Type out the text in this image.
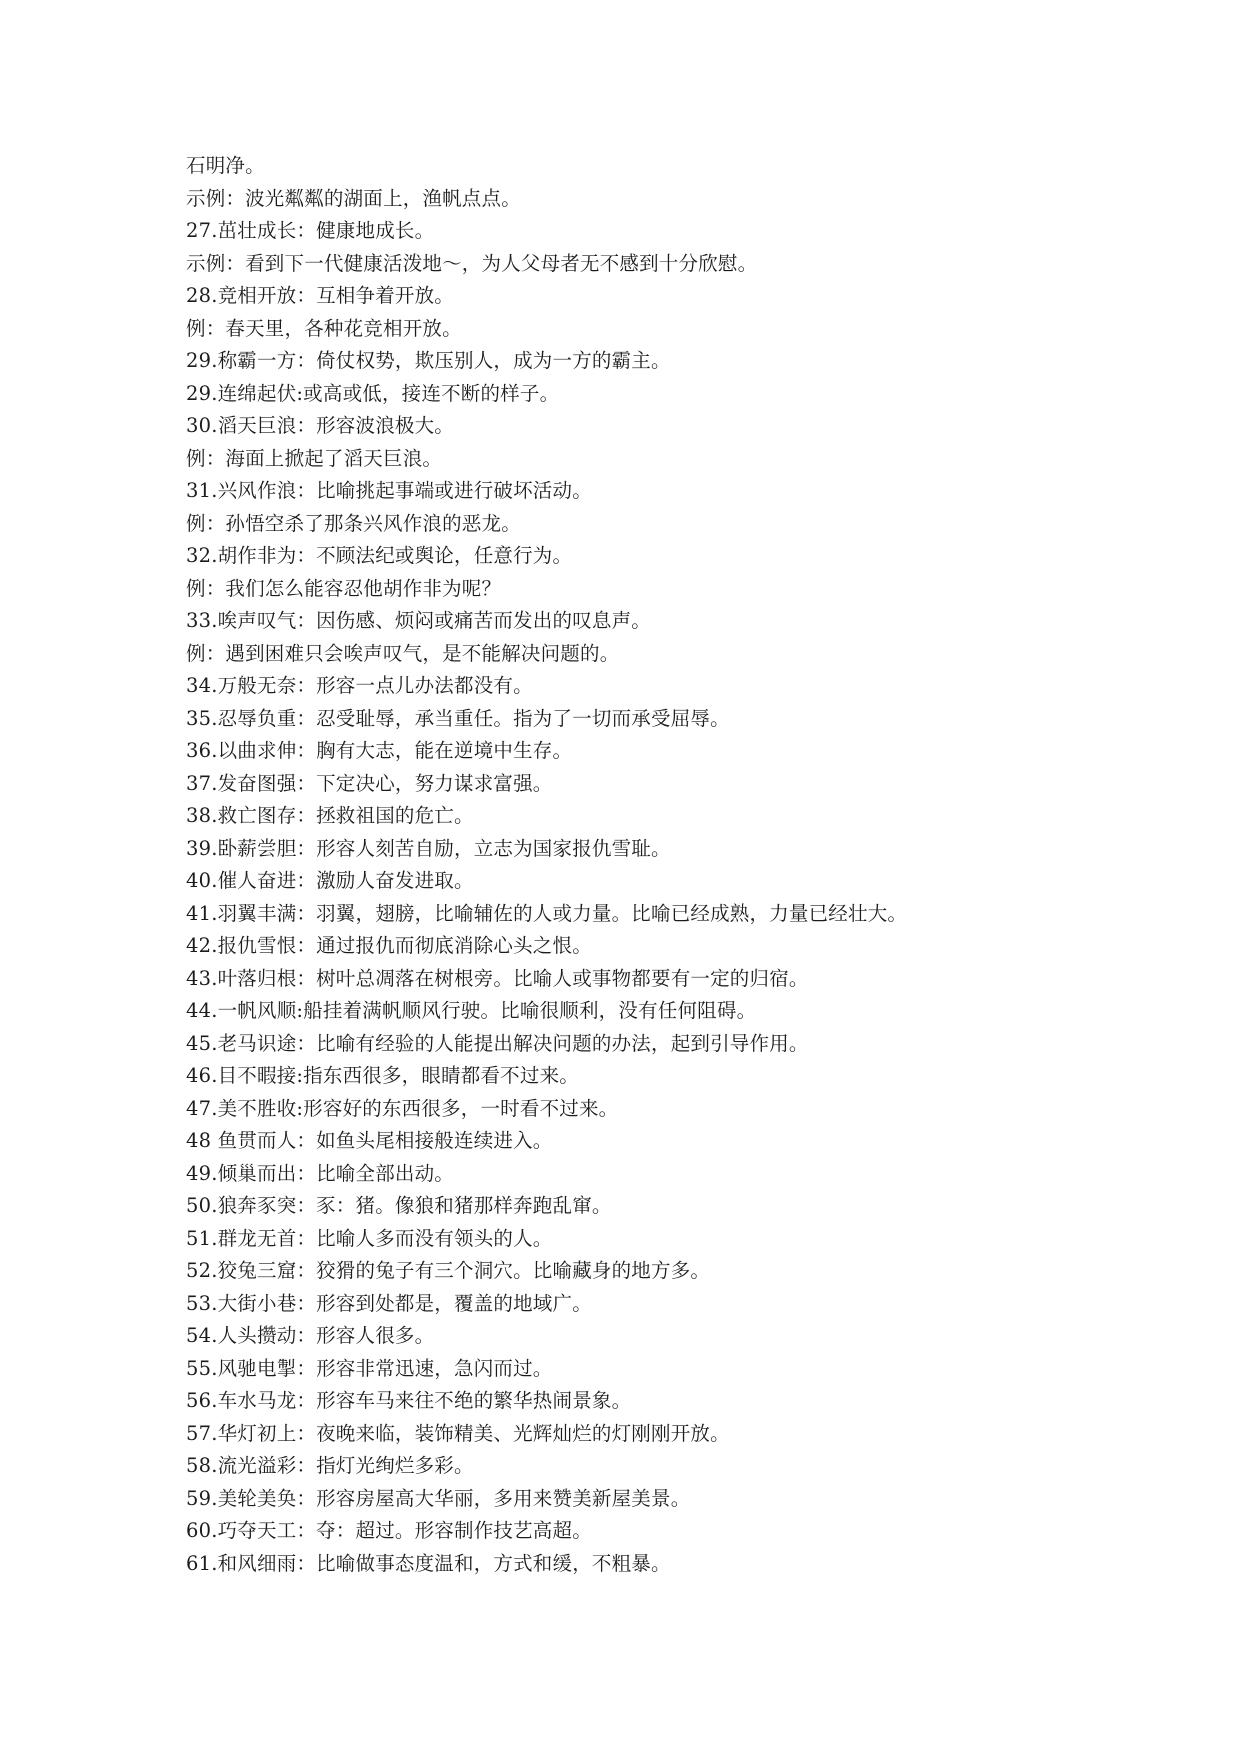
石明净。
示例：波光粼粼的湖面上，渔帆点点。
27.茁壮成长：健康地成长。
示例：看到下一代健康活泼地～，为人父母者无不感到十分欣慰。
28.竞相开放：互相争着开放。
例：春天里，各种花竞相开放。
29.称霸一方：倚仗权势，欺压别人，成为一方的霸主。
29.连绵起伏:或高或低，接连不断的样子。
30.滔天巨浪：形容波浪极大。
例：海面上掀起了滔天巨浪。
31.兴风作浪：比喻挑起事端或进行破坏活动。
例：孙悟空杀了那条兴风作浪的恶龙。
32.胡作非为：不顾法纪或舆论，任意行为。
例：我们怎么能容忍他胡作非为呢？
33.唉声叹气：因伤感、烦闷或痛苦而发出的叹息声。
例：遇到困难只会唉声叹气，是不能解决问题的。
34.万般无奈：形容一点儿办法都没有。
35.忍辱负重：忍受耻辱，承当重任。指为了一切而承受屈辱。
36.以曲求伸：胸有大志，能在逆境中生存。
37.发奋图强：下定决心，努力谋求富强。
38.救亡图存：拯救祖国的危亡。
39.卧薪尝胆：形容人刻苦自励，立志为国家报仇雪耻。
40.催人奋进：激励人奋发进取。
41.羽翼丰满：羽翼，翅膀，比喻辅佐的人或力量。比喻已经成熟，力量已经壮大。
42.报仇雪恨：通过报仇而彻底消除心头之恨。
43.叶落归根：树叶总凋落在树根旁。比喻人或事物都要有一定的归宿。
44.一帆风顺:船挂着满帆顺风行驶。比喻很顺利，没有任何阻碍。
45.老马识途：比喻有经验的人能提出解决问题的办法，起到引导作用。
46.目不暇接:指东西很多，眼睛都看不过来。
47.美不胜收:形容好的东西很多，一时看不过来。
48 鱼贯而人：如鱼头尾相接般连续进入。
49.倾巢而出：比喻全部出动。
50.狼奔豕突：豕：猪。像狼和猪那样奔跑乱窜。
51.群龙无首：比喻人多而没有领头的人。
52.狡兔三窟：狡猾的兔子有三个洞穴。比喻藏身的地方多。
53.大街小巷：形容到处都是，覆盖的地域广。
54.人头攒动：形容人很多。
55.风驰电掣：形容非常迅速，急闪而过。
56.车水马龙：形容车马来往不绝的繁华热闹景象。
57.华灯初上：夜晚来临，装饰精美、光辉灿烂的灯刚刚开放。
58.流光溢彩：指灯光绚烂多彩。
59.美轮美奂：形容房屋高大华丽，多用来赞美新屋美景。
60.巧夺天工：夺：超过。形容制作技艺高超。
61.和风细雨：比喻做事态度温和，方式和缓，不粗暴。
